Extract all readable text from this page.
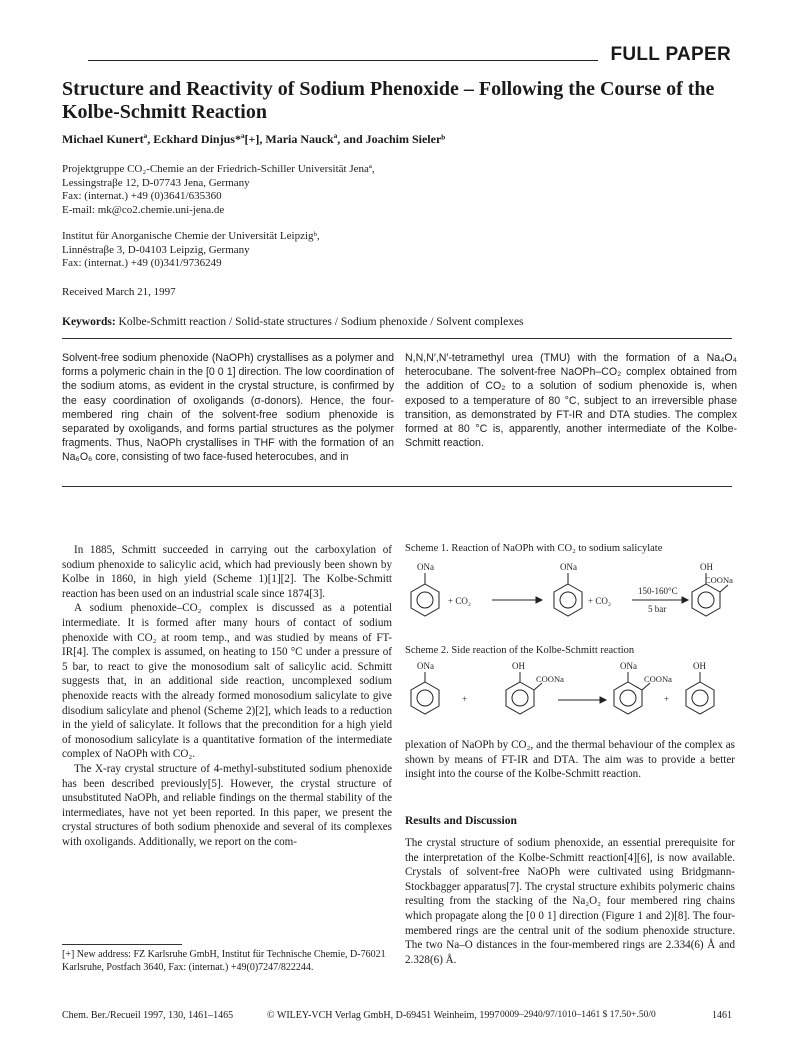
FULL PAPER
Structure and Reactivity of Sodium Phenoxide – Following the Course of the Kolbe-Schmitt Reaction
Michael Kunertª, Eckhard Dinjus*ª[+], Maria Nauckª, and Joachim Sielerᵇ
Projektgruppe CO₂-Chemie an der Friedrich-Schiller Universität Jenaª,
Lessingstraβe 12, D-07743 Jena, Germany
Fax: (internat.) +49 (0)3641/635360
E-mail: mk@co2.chemie.uni-jena.de
Institut für Anorganische Chemie der Universität Leipzigᵇ,
Linnéstraβe 3, D-04103 Leipzig, Germany
Fax: (internat.) +49 (0)341/9736249
Received March 21, 1997
Keywords: Kolbe-Schmitt reaction / Solid-state structures / Sodium phenoxide / Solvent complexes
Solvent-free sodium phenoxide (NaOPh) crystallises as a polymer and forms a polymeric chain in the [0 0 1] direction. The low coordination of the sodium atoms, as evident in the crystal structure, is confirmed by the easy coordination of oxoligands (σ-donors). Hence, the four-membered ring chain of the solvent-free sodium phenoxide is separated by oxoligands, and forms partial structures as the polymer fragments. Thus, NaOPh crystallises in THF with the formation of an Na₆O₆ core, consisting of two face-fused heterocubes, and in
N,N,N′,N′-tetramethyl urea (TMU) with the formation of a Na₄O₄ heterocubane. The solvent-free NaOPh–CO₂ complex obtained from the addition of CO₂ to a solution of sodium phenoxide is, when exposed to a temperature of 80 °C, subject to an irreversible phase transition, as demonstrated by FT-IR and DTA studies. The complex formed at 80 °C is, apparently, another intermediate of the Kolbe-Schmitt reaction.

In 1885, Schmitt succeeded in carrying out the carboxylation of sodium phenoxide to salicylic acid, which had previously been shown by Kolbe in 1860, in high yield (Scheme 1)[1][2]. The Kolbe-Schmitt reaction has been used on an industrial scale since 1874[3].

A sodium phenoxide–CO₂ complex is discussed as a potential intermediate. It is formed after many hours of contact of sodium phenoxide with CO₂ at room temp., and was studied by means of FT-IR[4]. The complex is assumed, on heating to 150 °C under a pressure of 5 bar, to react to give the monosodium salt of salicylic acid. Schmitt suggests that, in an additional side reaction, uncomplexed sodium phenoxide reacts with the already formed monosodium salicylate to give disodium salicylate and phenol (Scheme 2)[2], which leads to a reduction in the yield of salicylate. It follows that the precondition for a high yield of monosodium salicylate is a quantitative formation of the intermediate complex of NaOPh with CO₂.

The X-ray crystal structure of 4-methyl-substituted sodium phenoxide has been described previously[5]. However, the crystal structure of unsubstituted NaOPh, and reliable findings on the thermal stability of the intermediates, have not yet been reported. In this paper, we present the crystal structures of both sodium phenoxide and several of its complexes with oxoligands. Additionally, we report on the com-

Scheme 1. Reaction of NaOPh with CO₂ to sodium salicylate
ONa
+ CO₂
ONa
+ CO₂
150-160°C
5 bar
OH
COONa
Scheme 2. Side reaction of the Kolbe-Schmitt reaction
ONa
+
OH
COONa
ONa
COONa
+
OH

plexation of NaOPh by CO₂, and the thermal behaviour of the complex as shown by means of FT-IR and DTA. The aim was to provide a better insight into the course of the Kolbe-Schmitt reaction.

Results and Discussion

The crystal structure of sodium phenoxide, an essential prerequisite for the interpretation of the Kolbe-Schmitt reaction[4][6], is now available. Crystals of solvent-free NaOPh were cultivated using Bridgmann-Stockbagger apparatus[7]. The crystal structure exhibits polymeric chains resulting from the stacking of the Na₂O₂ four membered ring chains which propagate along the [0 0 1] direction (Figure 1 and 2)[8]. The four-membered rings are the central unit of the sodium phenoxide structure. The two Na–O distances in the four-membered rings are 2.334(6) Å and 2.328(6) Å.

[+] New address: FZ Karlsruhe GmbH, Institut für Technische Chemie, D-76021 Karlsruhe, Postfach 3640, Fax: (internat.) +49(0)7247/822244.
Chem. Ber./Recueil 1997, 130, 1461–1465	© WILEY-VCH Verlag GmbH, D-69451 Weinheim, 1997 0009–2940/97/1010–1461 $ 17.50+.50/0	1461
